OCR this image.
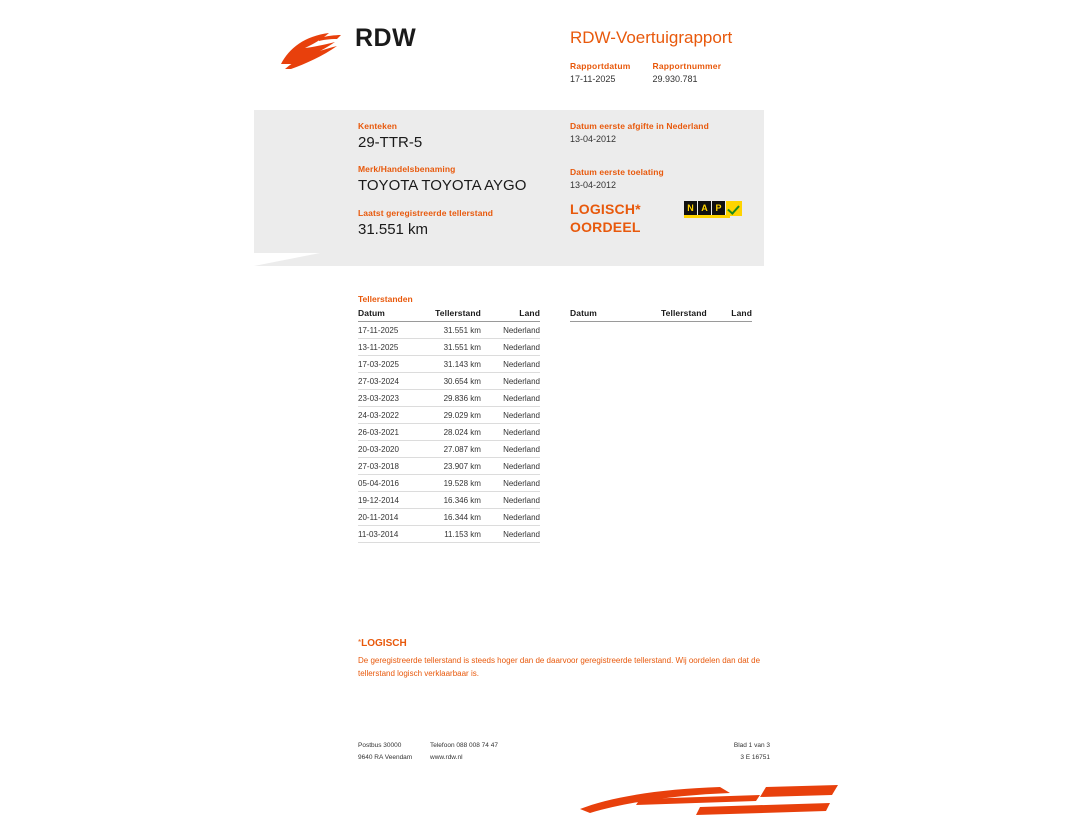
RDW	RDW-Voertuigrapport
Rapportdatum
17-11-2025
Rapportnummer
29.930.781
Kenteken
29-TTR-5
Merk/Handelsbenaming
TOYOTA TOYOTA AYGO
Laatst geregistreerde tellerstand
31.551 km
Datum eerste afgifte in Nederland
13-04-2012
Datum eerste toelating
13-04-2012
LOGISCH*
OORDEEL
N A P
Tellerstanden
Datum	Tellerstand	Land
17-11-2025	31.551 km	Nederland
13-11-2025	31.551 km	Nederland
17-03-2025	31.143 km	Nederland
27-03-2024	30.654 km	Nederland
23-03-2023	29.836 km	Nederland
24-03-2022	29.029 km	Nederland
26-03-2021	28.024 km	Nederland
20-03-2020	27.087 km	Nederland
27-03-2018	23.907 km	Nederland
05-04-2016	19.528 km	Nederland
19-12-2014	16.346 km	Nederland
20-11-2014	16.344 km	Nederland
11-03-2014	11.153 km	Nederland
Datum	Tellerstand	Land
*LOGISCH
De geregistreerde tellerstand is steeds hoger dan de daarvoor geregistreerde tellerstand. Wij oordelen dan dat de tellerstand logisch verklaarbaar is.
Postbus 30000	Telefoon 088 008 74 47	Blad 1 van 3
9640 RA Veendam	www.rdw.nl	3 E 16751
